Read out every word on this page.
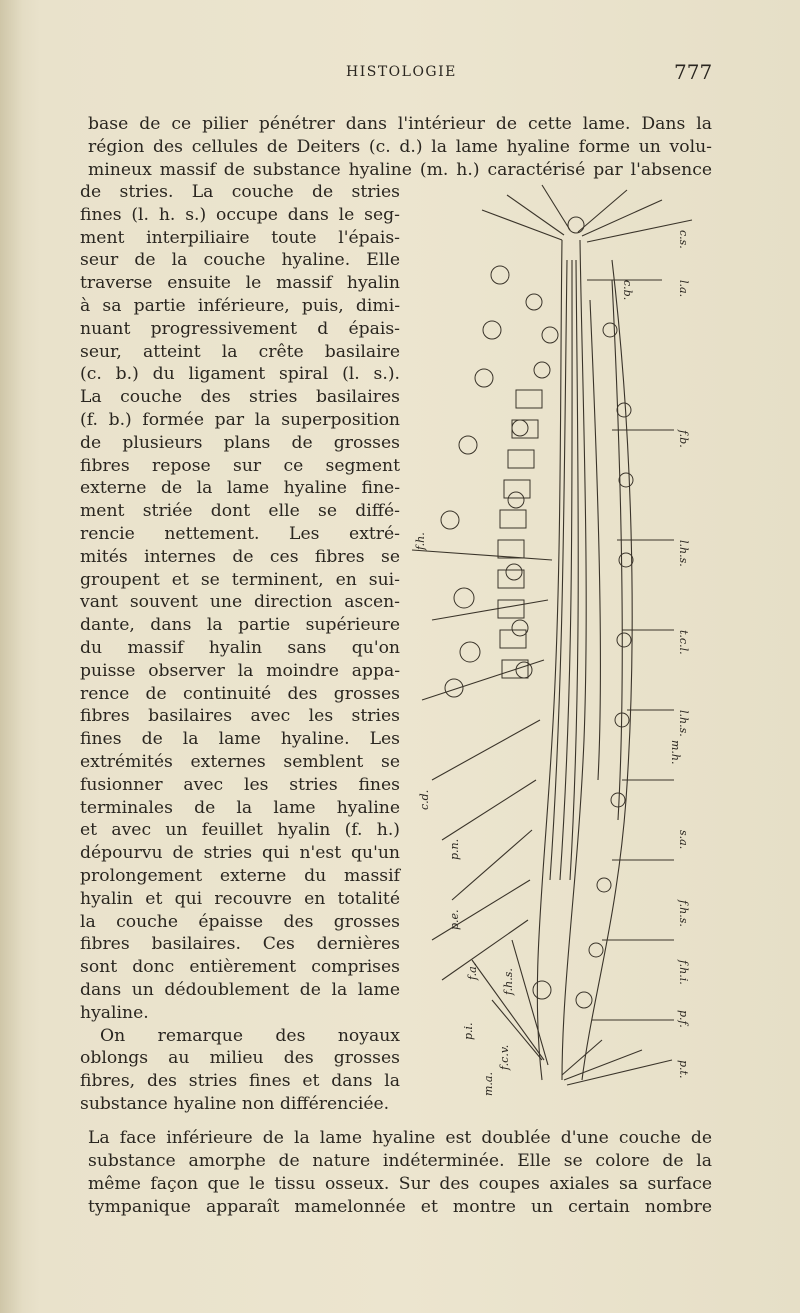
HISTOLOGIE	777
base de ce pilier pénétrer dans l'intérieur de cette lame. Dans la
région des cellules de Deiters (c. d.) la lame hyaline forme un volu-
mineux massif de substance hyaline (m. h.) caractérisé par l'absence
de stries. La couche de stries
fines (l. h. s.) occupe dans le seg-
ment interpiliaire toute l'épais-
seur de la couche hyaline. Elle
traverse ensuite le massif hyalin
à sa partie inférieure, puis, dimi-
nuant progressivement d épais-
seur, atteint la crête basilaire
(c. b.) du ligament spiral (l. s.).
La couche des stries basilaires
(f. b.) formée par la superposition
de plusieurs plans de grosses
fibres repose sur ce segment
externe de la lame hyaline fine-
ment striée dont elle se diffé-
rencie nettement. Les extré-
mités internes de ces fibres se
groupent et se terminent, en sui-
vant souvent une direction ascen-
dante, dans la partie supérieure
du massif hyalin sans qu'on
puisse observer la moindre appa-
rence de continuité des grosses
fibres basilaires avec les stries
fines de la lame hyaline. Les
extrémités externes semblent se
fusionner avec les stries fines
terminales de la lame hyaline
et avec un feuillet hyalin (f. h.)
dépourvu de stries qui n'est qu'un
prolongement externe du massif
hyalin et qui recouvre en totalité
la couche épaisse des grosses
fibres basilaires. Ces dernières
sont donc entièrement comprises
dans un dédoublement de la lame
hyaline.
On remarque des noyaux
oblongs au milieu des grosses
fibres, des stries fines et dans la
substance hyaline non différenciée.
La face inférieure de la lame hyaline est doublée d'une couche de
substance amorphe de nature indéterminée. Elle se colore de la
même façon que le tissu osseux. Sur des coupes axiales sa surface
tympanique apparaît mamelonnée et montre un certain nombre
c.s.
c.b.	l.a.
f.b.
l.h.s.
t.c.l.
l.h.s.
m.h.
s.a.
f.h.s.
f.h.i.
p.f.
p.t.
f.h.
c.d.
p.n.
p.e.
f.a. f.h.s.
p.i.
f.c.v.
m.a.
